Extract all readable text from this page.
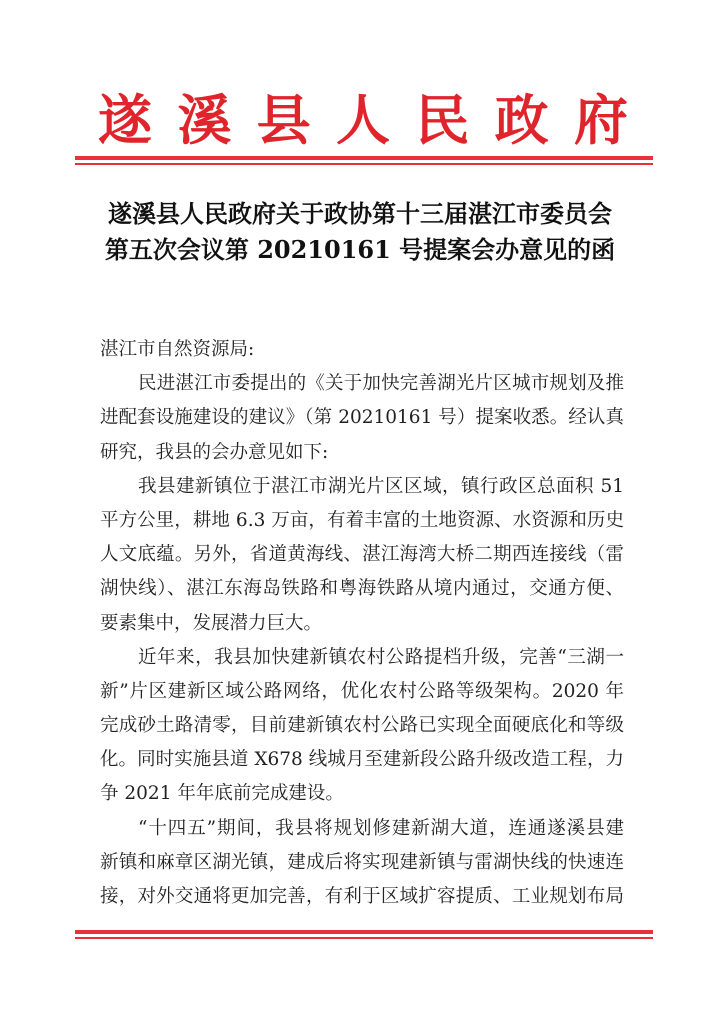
遂 溪 县 人 民 政 府
遂溪县人民政府关于政协第十三届湛江市委员会
第五次会议第 20210161 号提案会办意见的函
湛江市自然资源局:
民进湛江市委提出的《关于加快完善湖光片区城市规划及推
进配套设施建设的建议》（第 20210161 号）提案收悉。经认真
研究，我县的会办意见如下:
我县建新镇位于湛江市湖光片区区域，镇行政区总面积 51
平方公里，耕地 6.3 万亩，有着丰富的土地资源、水资源和历史
人文底蕴。另外，省道黄海线、湛江海湾大桥二期西连接线（雷
湖快线）、湛江东海岛铁路和粤海铁路从境内通过，交通方便、
要素集中，发展潜力巨大。
近年来，我县加快建新镇农村公路提档升级，完善“三湖一
新”片区建新区域公路网络，优化农村公路等级架构。2020 年
完成砂土路清零，目前建新镇农村公路已实现全面硬底化和等级
化。同时实施县道 X678 线城月至建新段公路升级改造工程，力
争 2021 年年底前完成建设。
“十四五”期间，我县将规划修建新湖大道，连通遂溪县建
新镇和麻章区湖光镇，建成后将实现建新镇与雷湖快线的快速连
接，对外交通将更加完善，有利于区域扩容提质、工业规划布局
